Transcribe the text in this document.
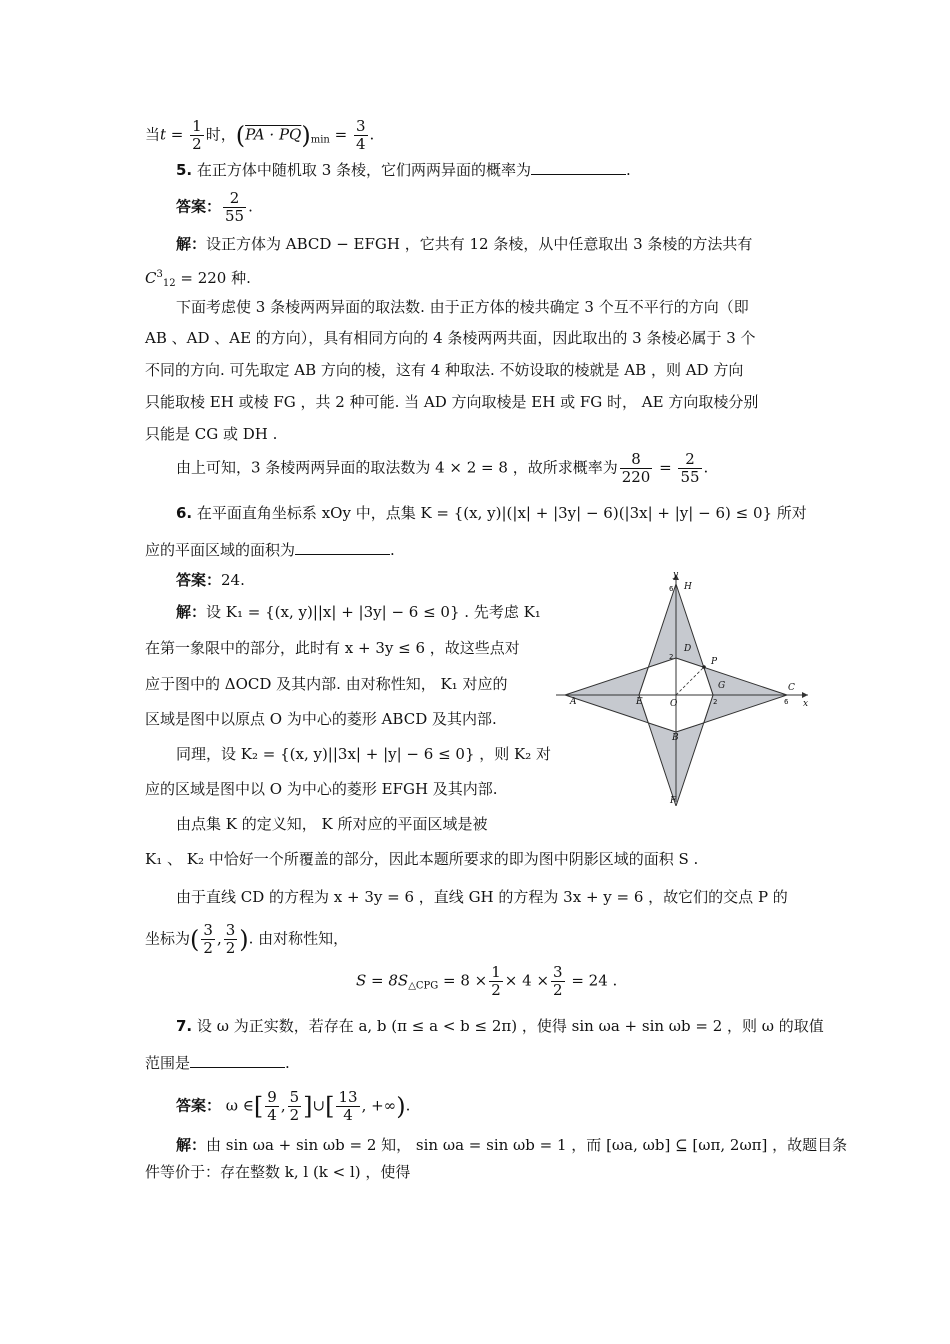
当$t = \frac{1}{2}$ 时，$(PA \cdot PQ)_{min} = \frac{3}{4}$ .
5. 在正方体中随机取 3 条棱，它们两两异面的概率为	.
答案： $\frac{2}{55}$ .
解：设正方体为 ABCD − EFGH ，它共有 12 条棱，从中任意取出 3 条棱的方法共有
$C3_{12} = 220$ 种.
下面考虑使 3 条棱两两异面的取法数. 由于正方体的棱共确定 3 个互不平行的方向（即
AB 、AD 、AE 的方向），具有相同方向的 4 条棱两两共面，因此取出的 3 条棱必属于 3 个
不同的方向. 可先取定 AB 方向的棱，这有 4 种取法. 不妨设取的棱就是 AB ，则 AD 方向
只能取棱 EH 或棱 FG ，共 2 种可能. 当 AD 方向取棱是 EH 或 FG 时， AE 方向取棱分别
只能是 CG 或 DH .
由上可知，3 条棱两两异面的取法数为 4 × 2 = 8 ，故所求概率为 $\frac{8}{220} = \frac{2}{55}$ .
6. 在平面直角坐标系 xOy 中，点集 K = {(x, y)|(|x| + |3y| − 6)(|3x| + |y| − 6) ≤ 0} 所对
应的平面区域的面积为	.
答案：24.
解：设 K₁ = {(x, y)||x| + |3y| − 6 ≤ 0} . 先考虑 K₁
在第一象限中的部分，此时有 x + 3y ≤ 6 ，故这些点对
应于图中的 ΔOCD 及其内部. 由对称性知， K₁ 对应的
区域是图中以原点 O 为中心的菱形 ABCD 及其内部.
同理，设 K₂ = {(x, y)||3x| + |y| − 6 ≤ 0} ，则 K₂ 对
应的区域是图中以 O 为中心的菱形 EFGH 及其内部.
由点集 K 的定义知， K 所对应的平面区域是被
K₁ 、 K₂ 中恰好一个所覆盖的部分，因此本题所要求的即为图中阴影区域的面积 S .
由于直线 CD 的方程为 x + 3y = 6 ，直线 GH 的方程为 3x + y = 6 ，故它们的交点 P 的
坐标为( $\frac{3}{2}$ , $\frac{3}{2}$ ). 由对称性知，
$S = 8S_{\triangle CPG} = 8 \times \frac{1}{2} \times 4 \times \frac{3}{2} = 24$ .
7. 设 ω 为正实数，若存在 a, b (π ≤ a < b ≤ 2π) ，使得 sin ωa + sin ωb = 2 ，则 ω 的取值
范围是	.
答案： ω ∈[ $\frac{9}{4}$ , $\frac{5}{2}$ ]∪[ $\frac{13}{4}$ , +∞).
解：由 sin ωa + sin ωb = 2 知， sin ωa = sin ωb = 1 ，而 [ωa, ωb] ⊆ [ωπ, 2ωπ] ，故题目条
件等价于：存在整数 k, l (k < l) ，使得
y
x
H
D
P
G	C
A	E	O
B
F
6
2
2	6
